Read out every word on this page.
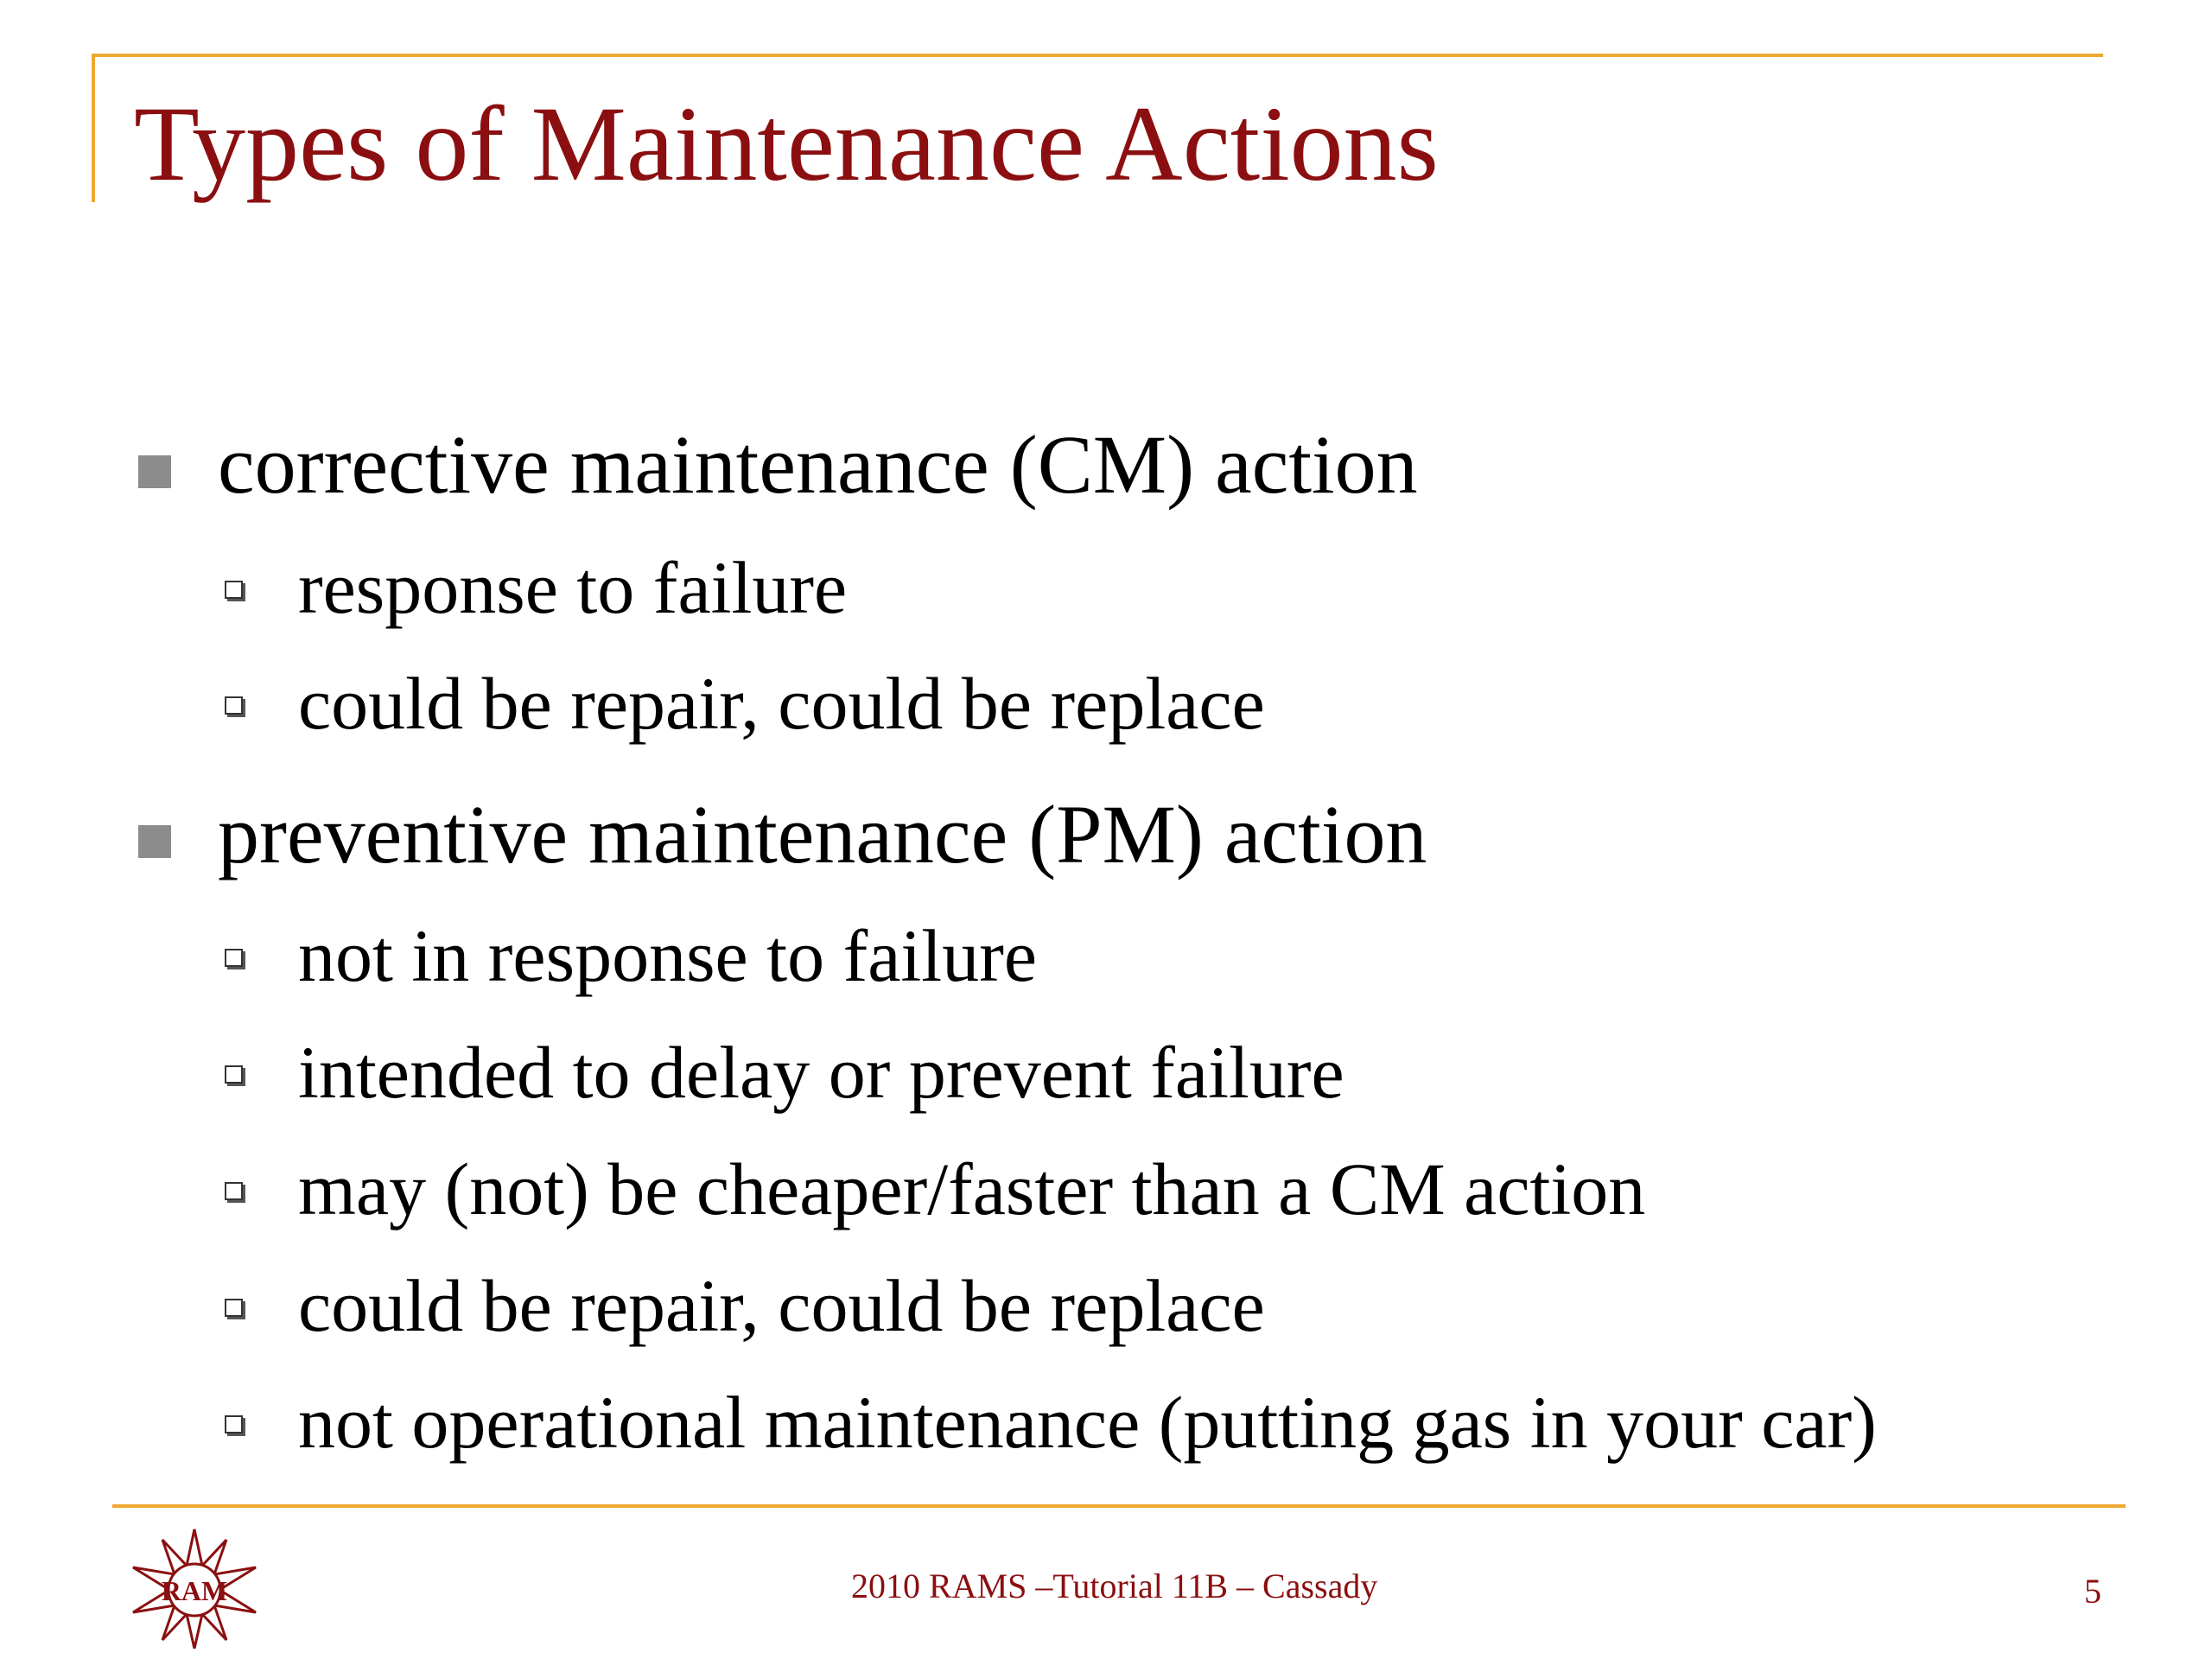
Types of Maintenance Actions
corrective maintenance (CM) action
response to failure
could be repair, could be replace
preventive maintenance (PM) action
not in response to failure
intended to delay or prevent failure
may (not) be cheaper/faster than a CM action
could be repair, could be replace
not operational maintenance (putting gas in your car)
RAM	2010 RAMS –Tutorial 11B – Cassady	5
